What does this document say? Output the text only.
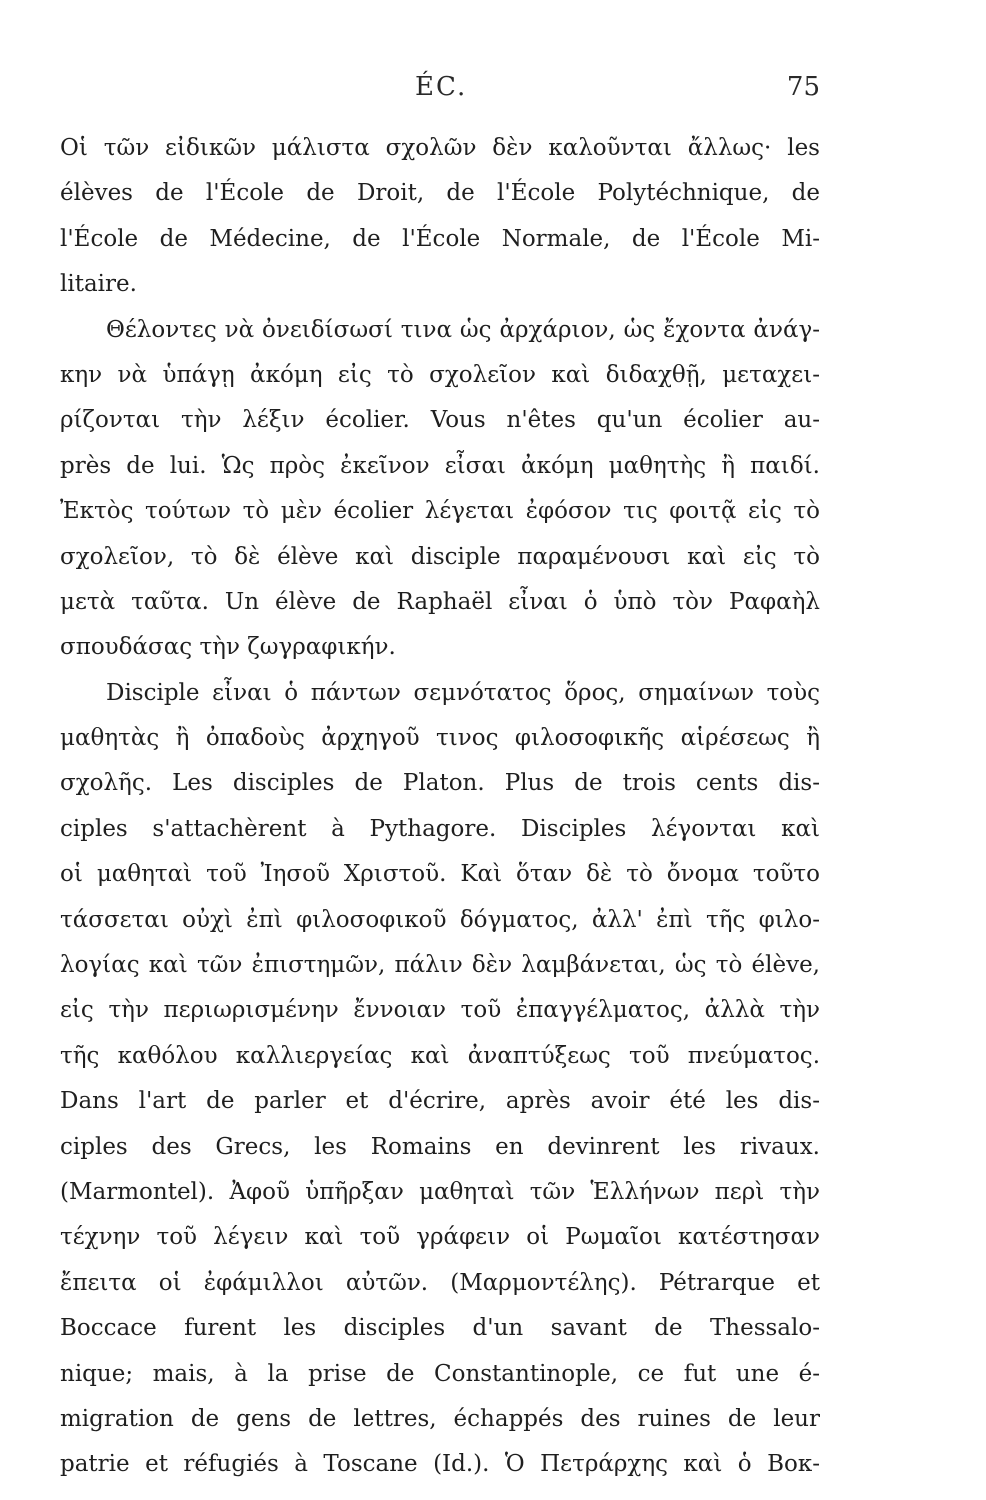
ÉC.	75
Οἱ τῶν εἰδικῶν μάλιστα σχολῶν δὲν καλοῦνται ἄλλως· les
élèves de l'École de Droit, de l'École Polytéchnique, de
l'École de Médecine, de l'École Normale, de l'École Mi-
litaire.
Θέλοντες νὰ ὀνειδίσωσί τινα ὡς ἀρχάριον, ὡς ἔχοντα ἀνάγ-
κην νὰ ὑπάγῃ ἀκόμη εἰς τὸ σχολεῖον καὶ διδαχθῇ, μεταχει-
ρίζονται τὴν λέξιν écolier. Vous n'êtes qu'un écolier au-
près de lui. Ὡς πρὸς ἐκεῖνον εἶσαι ἀκόμη μαθητὴς ἢ παιδί.
Ἐκτὸς τούτων τὸ μὲν écolier λέγεται ἐφόσον τις φοιτᾷ εἰς τὸ
σχολεῖον, τὸ δὲ élève καὶ disciple παραμένουσι καὶ εἰς τὸ
μετὰ ταῦτα. Un élève de Raphaël εἶναι ὁ ὑπὸ τὸν Ραφαὴλ
σπουδάσας τὴν ζωγραφικήν.
Disciple εἶναι ὁ πάντων σεμνότατος ὅρος, σημαίνων τοὺς
μαθητὰς ἢ ὀπαδοὺς ἀρχηγοῦ τινος φιλοσοφικῆς αἱρέσεως ἢ
σχολῆς. Les disciples de Platon. Plus de trois cents dis-
ciples s'attachèrent à Pythagore. Disciples λέγονται καὶ
οἱ μαθηταὶ τοῦ Ἰησοῦ Χριστοῦ. Καὶ ὅταν δὲ τὸ ὄνομα τοῦτο
τάσσεται οὐχὶ ἐπὶ φιλοσοφικοῦ δόγματος, ἀλλ' ἐπὶ τῆς φιλο-
λογίας καὶ τῶν ἐπιστημῶν, πάλιν δὲν λαμβάνεται, ὡς τὸ élève,
εἰς τὴν περιωρισμένην ἔννοιαν τοῦ ἐπαγγέλματος, ἀλλὰ τὴν
τῆς καθόλου καλλιεργείας καὶ ἀναπτύξεως τοῦ πνεύματος.
Dans l'art de parler et d'écrire, après avoir été les dis-
ciples des Grecs, les Romains en devinrent les rivaux.
(Marmontel). Ἀφοῦ ὑπῆρξαν μαθηταὶ τῶν Ἑλλήνων περὶ τὴν
τέχνην τοῦ λέγειν καὶ τοῦ γράφειν οἱ Ρωμαῖοι κατέστησαν
ἔπειτα οἱ ἐφάμιλλοι αὐτῶν. (Μαρμοντέλης). Pétrarque et
Boccace furent les disciples d'un savant de Thessalo-
nique; mais, à la prise de Constantinople, ce fut une é-
migration de gens de lettres, échappés des ruines de leur
patrie et réfugiés à Toscane (Id.). Ὁ Πετράρχης καὶ ὁ Βοκ-
